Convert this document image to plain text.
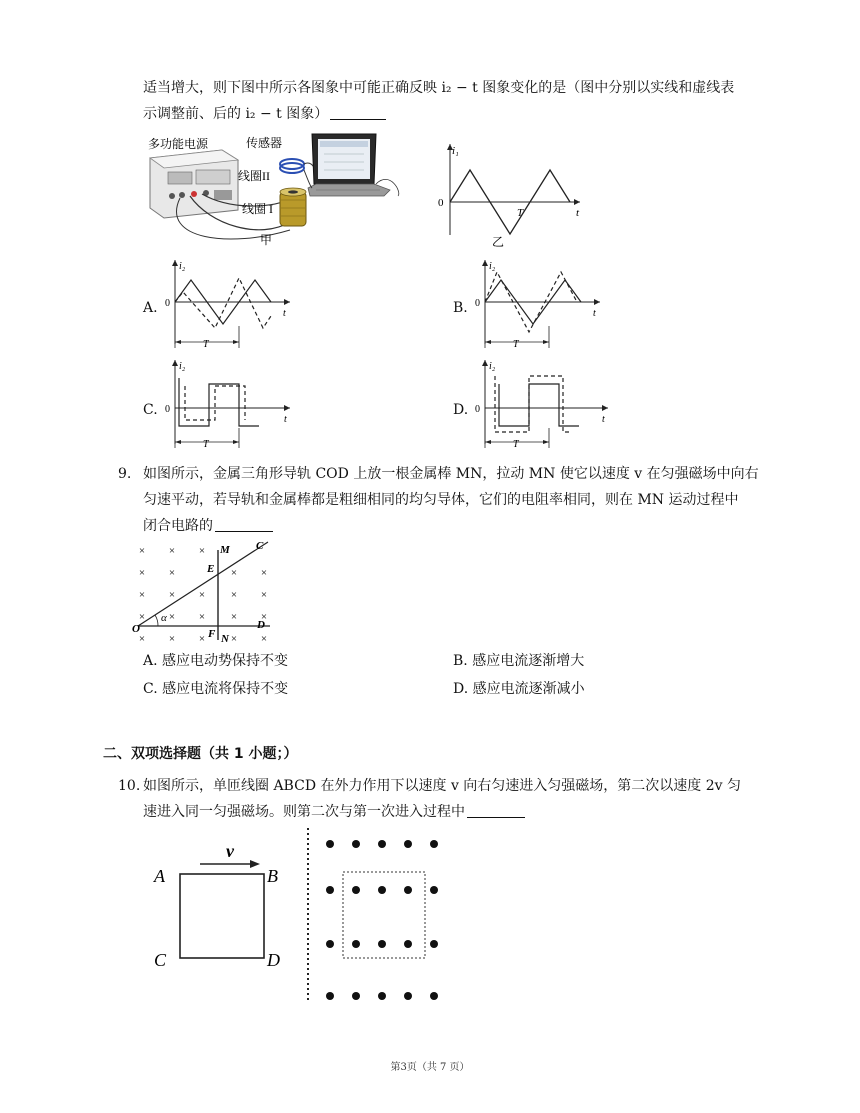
适当增大，则下图中所示各图象中可能正确反映 i₂ − t 图象变化的是（图中分别以实线和虚线表
示调整前、后的 i₂ − t 图象）
多功能电源	传感器
线圈II
线圈 I
甲
i₁
0
T	t
乙
A.
i₂
0
t
T
B.
i₂
0
t
T
C.
i₂
0
t
T
D.
i₂
0
t
T
9. 如图所示，金属三角形导轨 COD 上放一根金属棒 MN，拉动 MN 使它以速度 v 在匀强磁场中向右
匀速平动，若导轨和金属棒都是粗细相同的均匀导体，它们的电阻率相同，则在 MN 运动过程中
闭合电路的
× × ×
× ×	× ×
× × × × ×
× × × × ×
× × × × ×
M C
E
α
O	F N
D
A. 感应电动势保持不变	B. 感应电流逐渐增大
C. 感应电流将保持不变	D. 感应电流逐渐减小
二、双项选择题（共 1 小题；）
10. 如图所示，单匝线圈 ABCD 在外力作用下以速度 v 向右匀速进入匀强磁场，第二次以速度 2v 匀
速进入同一匀强磁场。则第二次与第一次进入过程中
v
A	B
C	D
第3页（共 7 页）
